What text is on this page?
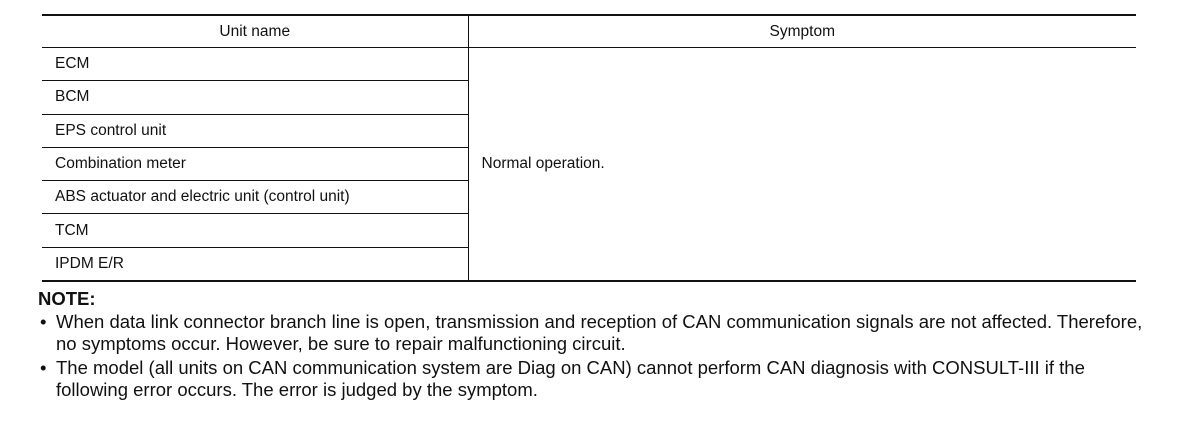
Unit name	Symptom
ECM	Normal operation.
BCM	
EPS control unit	
Combination meter	
ABS actuator and electric unit (control unit)	
TCM	
IPDM E/R	
NOTE:
• When data link connector branch line is open, transmission and reception of CAN communication signals are not affected. Therefore, no symptoms occur. However, be sure to repair malfunctioning circuit.
• The model (all units on CAN communication system are Diag on CAN) cannot perform CAN diagnosis with CONSULT-III if the following error occurs. The error is judged by the symptom.
